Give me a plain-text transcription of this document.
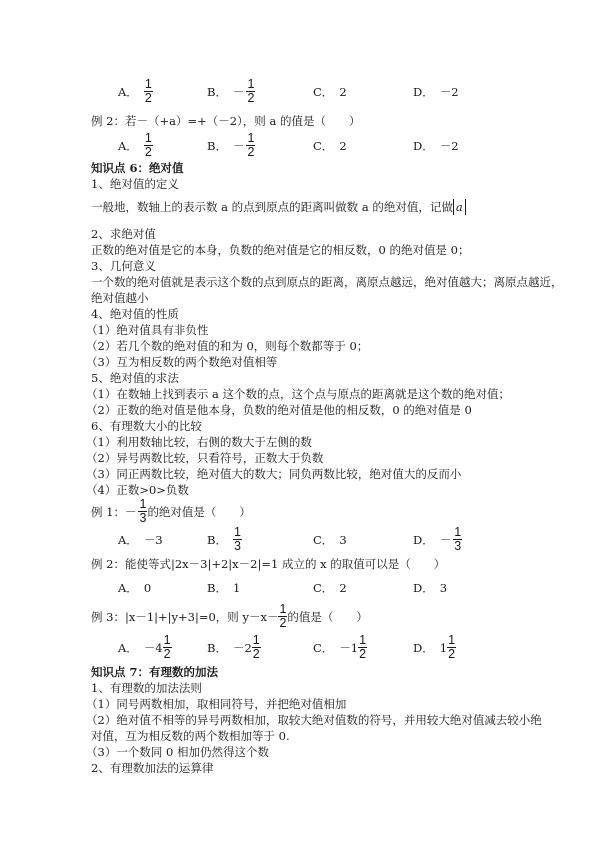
A． $\frac{1}{2}$	B． － $\frac{1}{2}$	C． 2	D． －2
例 2：若－（+a）=+（－2），则 a 的值是（　　）
A． $\frac{1}{2}$	B． － $\frac{1}{2}$	C． 2	D． －2
知识点 6：绝对值
1、绝对值的定义
一般地，数轴上的表示数 a 的点到原点的距离叫做数 a 的绝对值，记做 a
2、求绝对值
正数的绝对值是它的本身，负数的绝对值是它的相反数，0 的绝对值是 0；
3、几何意义
一个数的绝对值就是表示这个数的点到原点的距离，离原点越远，绝对值越大；离原点越近，
绝对值越小
4、绝对值的性质
（1）绝对值具有非负性
（2）若几个数的绝对值的和为 0，则每个数都等于 0；
（3）互为相反数的两个数绝对值相等
5、绝对值的求法
（1）在数轴上找到表示 a 这个数的点，这个点与原点的距离就是这个数的绝对值；
（2）正数的绝对值是他本身，负数的绝对值是他的相反数，0 的绝对值是 0
6、有理数大小的比较
（1）利用数轴比较，右侧的数大于左侧的数
（2）异号两数比较，只看符号，正数大于负数
（3）同正两数比较，绝对值大的数大；同负两数比较，绝对值大的反而小
（4）正数>0>负数
例 1： － $\frac{1}{3}$ 的绝对值是（　　）
A． －3	B． $\frac{1}{3}$	C． 3	D． － $\frac{1}{3}$
例 2：能使等式|2x－3|+2|x－2|=1 成立的 x 的取值可以是（　　）
A． 0	B． 1	C． 2	D． 3
例 3：|x－1|+|y+3|=0，则 $y-x- \frac{1}{2}$ 的值是（　　）
A． $-4 \frac{1}{2}$	B． $-2 \frac{1}{2}$	C． $-1 \frac{1}{2}$	D． $1 \frac{1}{2}$
知识点 7：有理数的加法
1、有理数的加法法则
（1）同号两数相加，取相同符号，并把绝对值相加
（2）绝对值不相等的异号两数相加，取较大绝对值数的符号，并用较大绝对值减去较小绝
对值，互为相反数的两个数相加等于 0.
（3）一个数同 0 相加仍然得这个数
2、有理数加法的运算律
